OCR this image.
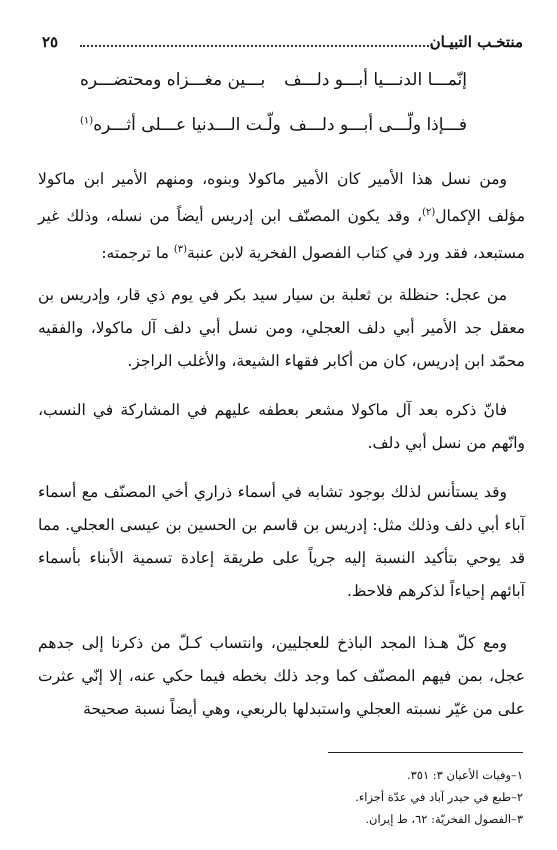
منتخـب التبيـان
٢٥
إنّمـــا الدنـــيا أبـــو دلـــف
بـــين مغـــزاه ومحتضـــره
فـــإذا ولّـــى أبـــو دلـــف
ولّـت الـــدنيا عـــلى أثـــره$^{(١)}$
ومن نسل هذا الأمير كان الأمير ماكولا وبنوه، ومنهم الأمير ابن ماكولا مؤلف الإكمال$^{(٢)}$، وقد يكون المصنّف ابن إدريس أيضاً من نسله، وذلك غير مستبعد، فقد ورد في كتاب الفصول الفخرية لابن عنبة$^{(٣)}$ ما ترجمته:
من عجل: حنظلة بن ثعلبة بن سيار سيد بكر في يوم ذي قار، وإدريس بن معقل جد الأمير أبي دلف العجلي، ومن نسل أبي دلف آل ماكولا، والفقيه محمّد ابن إدريس، كان من أكابر فقهاء الشيعة، والأغلب الراجز.
فانّ ذكره بعد آل ماكولا مشعر بعطفه عليهم في المشاركة في النسب، وانّهم من نسل أبي دلف.
وقد يستأنس لذلك بوجود تشابه في أسماء ذراري أخي المصنّف مع أسماء آباء أبي دلف وذلك مثل: إدريس بن قاسم بن الحسين بن عيسى العجلي. مما قد يوحي بتأكيد النسبة إليه جرياً على طريقة إعادة تسمية الأبناء بأسماء آبائهم إحياءاً لذكرهم فلاحظ.
ومع كلّ هـذا المجد الباذخ للعجليين، وانتساب كـلّ من ذكرنا إلى جدهم عجل، بمن فيهم المصنّف كما وجد ذلك بخطه فيما حكي عنه، إلا إنّي عثرت على من غيّر نسبته العجلي واستبدلها بالربعي، وهي أيضاً نسبة صحيحة
١–وفيات الأعيان ٣: ٣٥١.
٢–طبع في حيدر آباد في عدّة أجزاء.
٣–الفصول الفخريّة: ٦٢، ط إيران.
